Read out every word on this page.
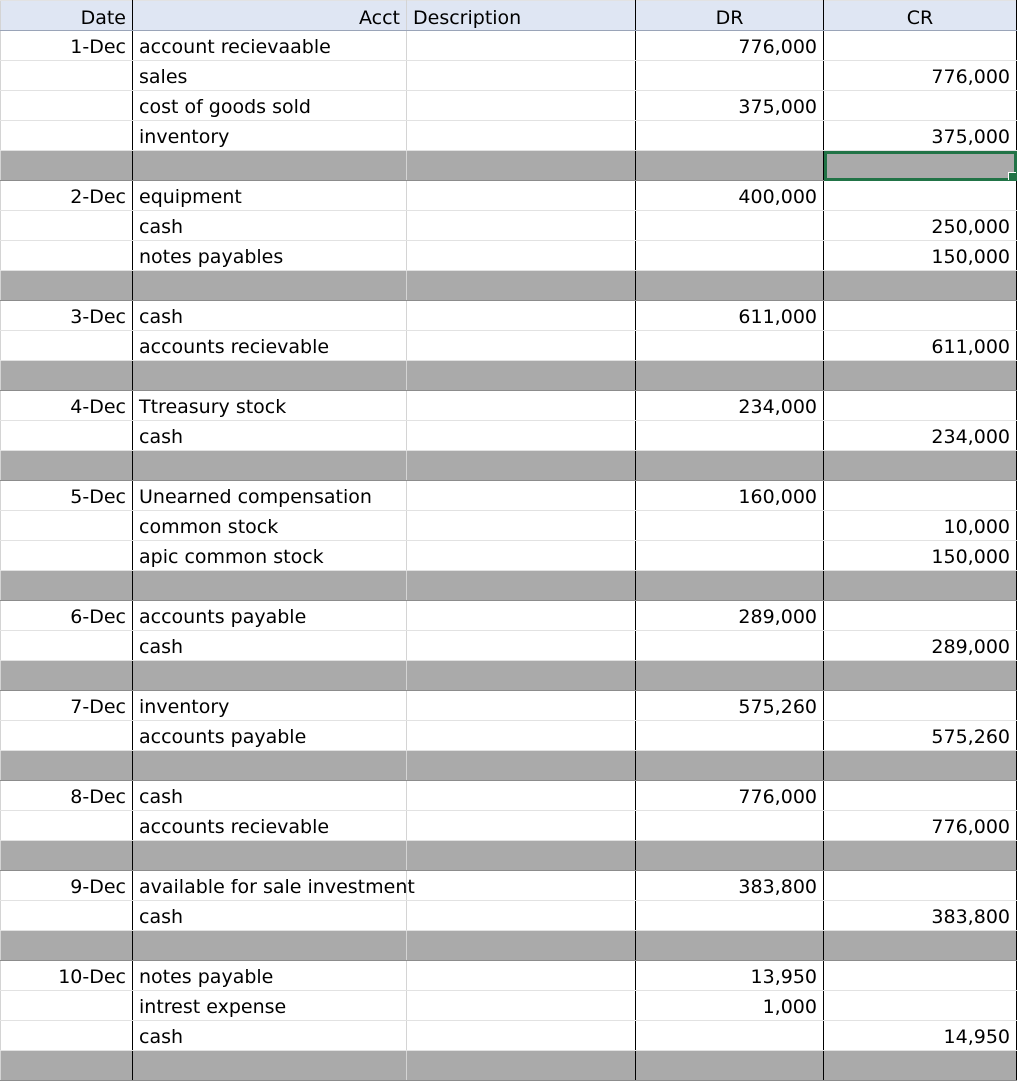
Date	Acct	Description	DR	CR
1-Dec	account recievaable		776,000	
	sales			776,000
	cost of goods sold		375,000	
	inventory			375,000

2-Dec	equipment		400,000	
	cash			250,000
	notes payables			150,000

3-Dec	cash		611,000	
	accounts recievable			611,000

4-Dec	Ttreasury stock		234,000	
	cash			234,000

5-Dec	Unearned compensation		160,000	
	common stock			10,000
	apic common stock			150,000

6-Dec	accounts payable		289,000	
	cash			289,000

7-Dec	inventory		575,260	
	accounts payable			575,260

8-Dec	cash		776,000	
	accounts recievable			776,000

9-Dec	available for sale investment		383,800	
	cash			383,800

10-Dec	notes payable		13,950	
	intrest expense		1,000	
	cash			14,950
